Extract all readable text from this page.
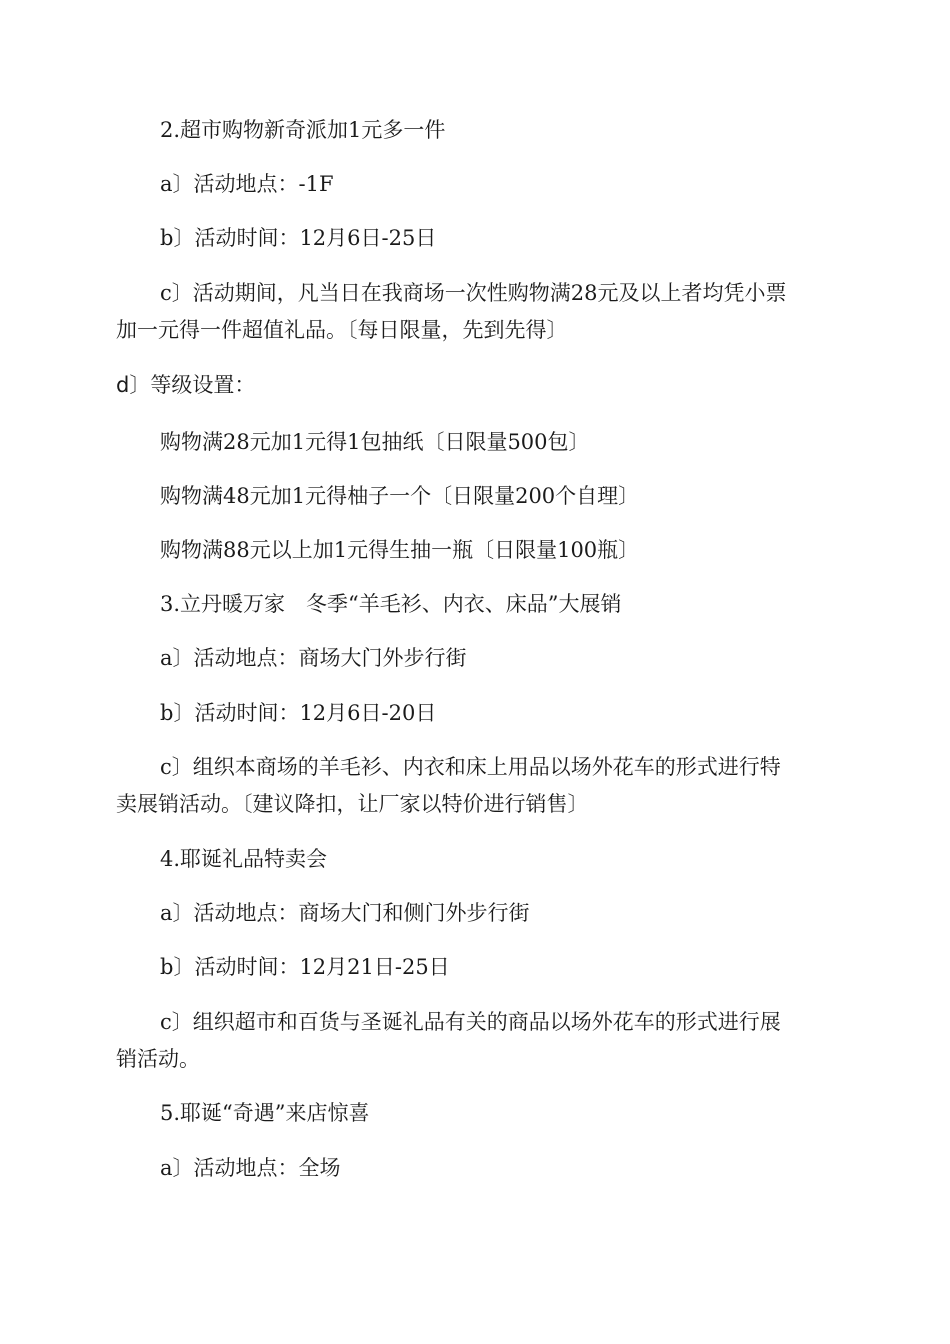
2.超市购物新奇派加1元多一件
a〕活动地点：-1F
b〕活动时间：12月6日-25日
c〕活动期间，凡当日在我商场一次性购物满28元及以上者均凭小票
加一元得一件超值礼品。〔每日限量，先到先得〕
d〕等级设置：
购物满28元加1元得1包抽纸〔日限量500包〕
购物满48元加1元得柚子一个〔日限量200个自理〕
购物满88元以上加1元得生抽一瓶〔日限量100瓶〕
3.立丹暖万家　冬季“羊毛衫、内衣、床品”大展销
a〕活动地点：商场大门外步行街
b〕活动时间：12月6日-20日
c〕组织本商场的羊毛衫、内衣和床上用品以场外花车的形式进行特
卖展销活动。〔建议降扣，让厂家以特价进行销售〕
4.耶诞礼品特卖会
a〕活动地点：商场大门和侧门外步行街
b〕活动时间：12月21日-25日
c〕组织超市和百货与圣诞礼品有关的商品以场外花车的形式进行展
销活动。
5.耶诞“奇遇”来店惊喜
a〕活动地点：全场
